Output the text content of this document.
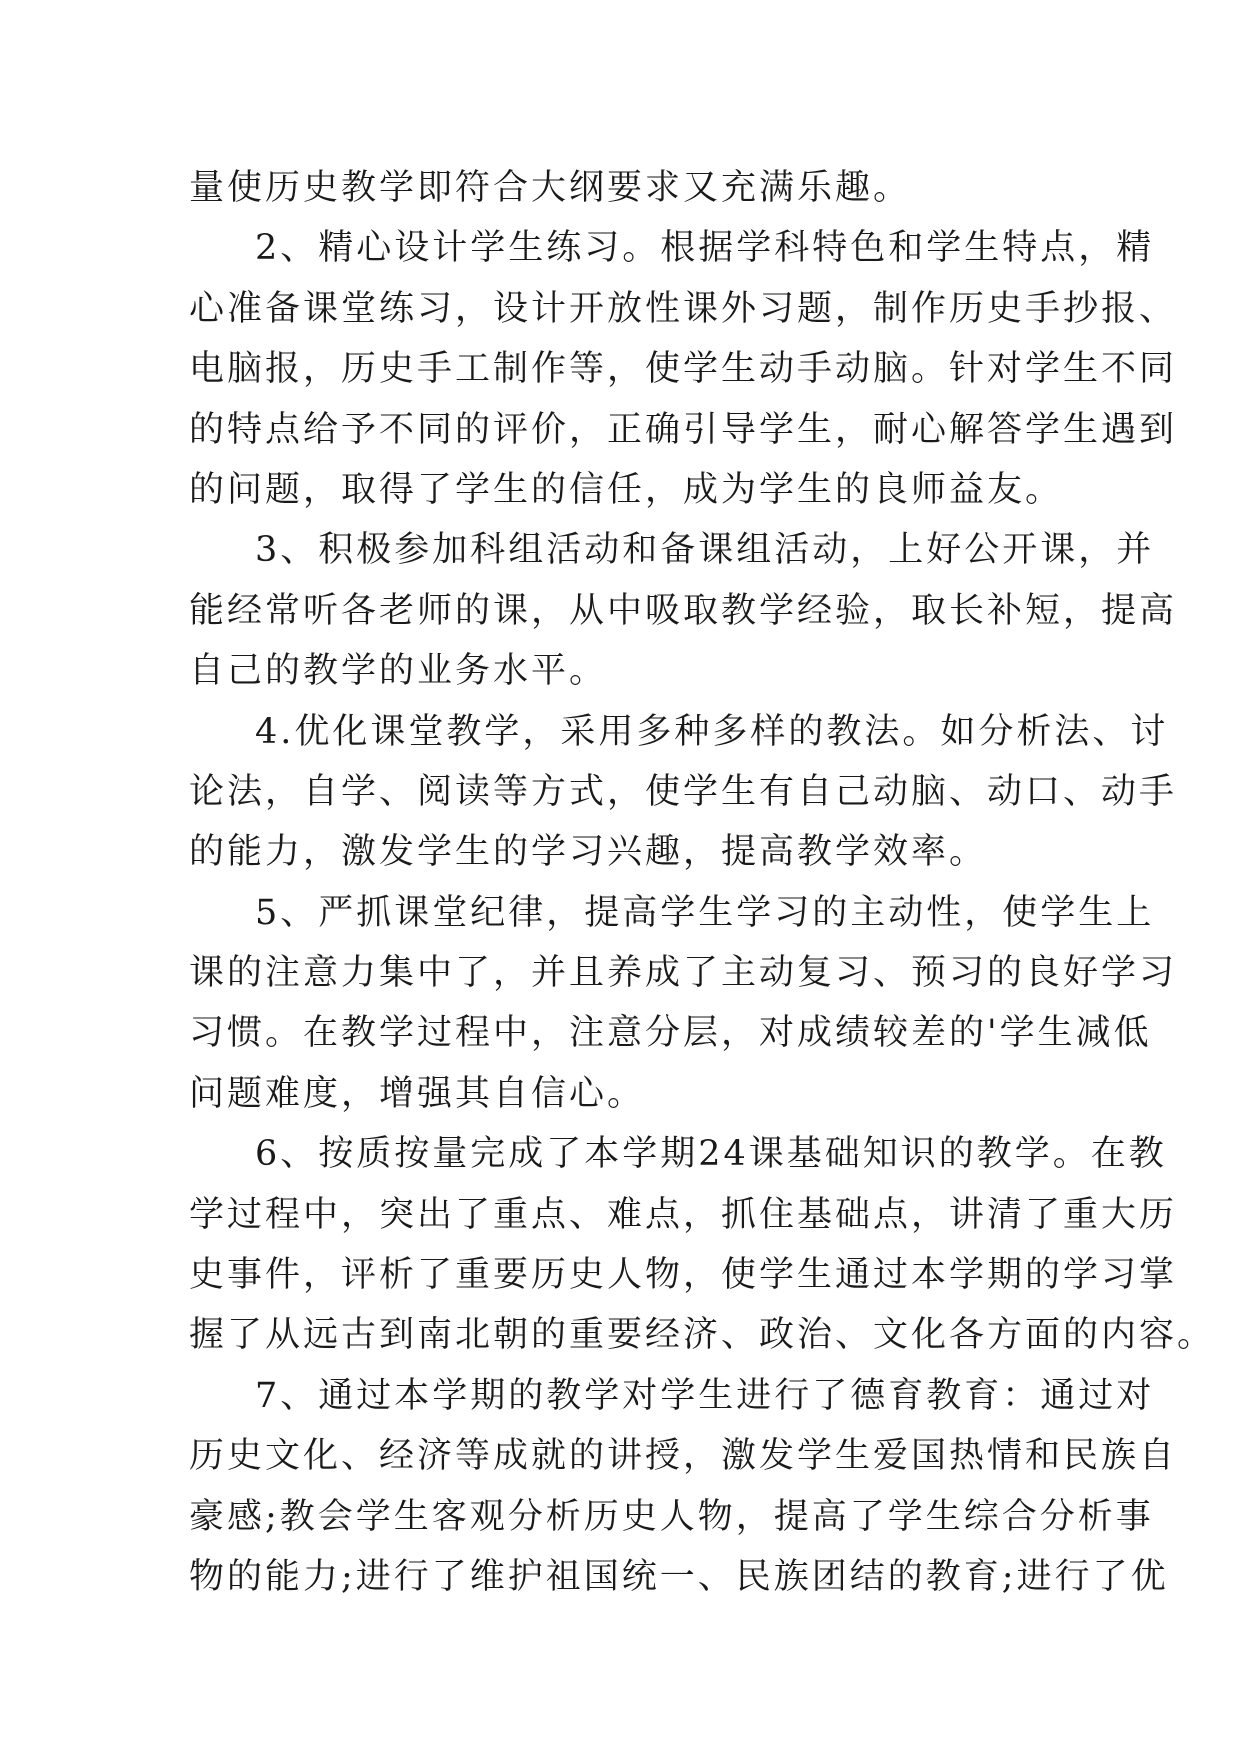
量使历史教学即符合大纲要求又充满乐趣。
2、精心设计学生练习。根据学科特色和学生特点，精
心准备课堂练习，设计开放性课外习题，制作历史手抄报、
电脑报，历史手工制作等，使学生动手动脑。针对学生不同
的特点给予不同的评价，正确引导学生，耐心解答学生遇到
的问题，取得了学生的信任，成为学生的良师益友。
3、积极参加科组活动和备课组活动，上好公开课，并
能经常听各老师的课，从中吸取教学经验，取长补短，提高
自己的教学的业务水平。
4.优化课堂教学，采用多种多样的教法。如分析法、讨
论法，自学、阅读等方式，使学生有自己动脑、动口、动手
的能力，激发学生的学习兴趣，提高教学效率。
5、严抓课堂纪律，提高学生学习的主动性，使学生上
课的注意力集中了，并且养成了主动复习、预习的良好学习
习惯。在教学过程中，注意分层，对成绩较差的'学生减低
问题难度，增强其自信心。
6、按质按量完成了本学期24课基础知识的教学。在教
学过程中，突出了重点、难点，抓住基础点，讲清了重大历
史事件，评析了重要历史人物，使学生通过本学期的学习掌
握了从远古到南北朝的重要经济、政治、文化各方面的内容。
7、通过本学期的教学对学生进行了德育教育：通过对
历史文化、经济等成就的讲授，激发学生爱国热情和民族自
豪感;教会学生客观分析历史人物，提高了学生综合分析事
物的能力;进行了维护祖国统一、民族团结的教育;进行了优
